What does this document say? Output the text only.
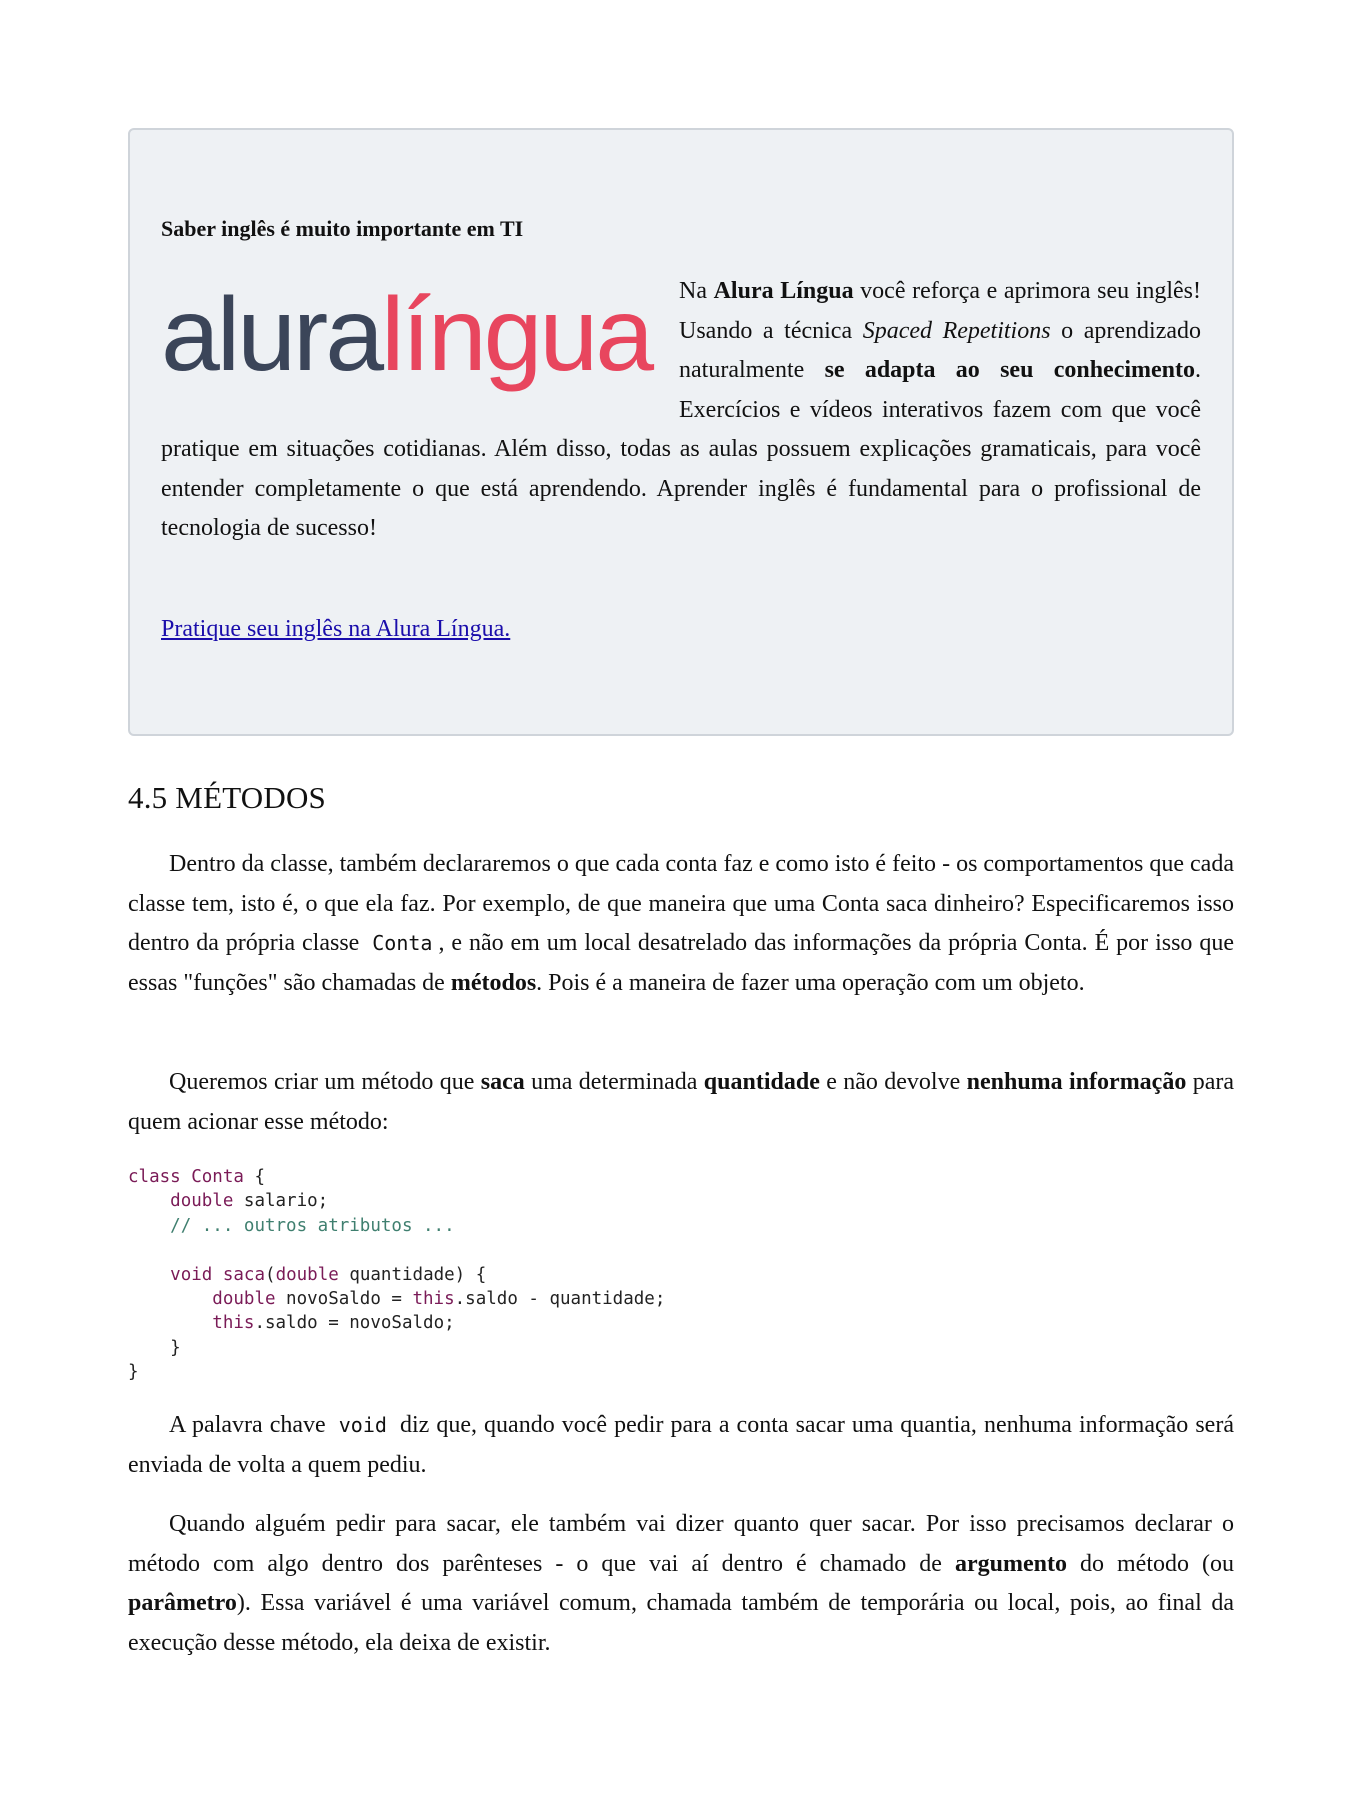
Saber inglês é muito importante em TI
aluralíngua	Na Alura Língua você reforça e aprimora seu inglês! Usando a técnica Spaced Repetitions o aprendizado naturalmente se adapta ao seu conhecimento. Exercícios e vídeos interativos fazem com que você pratique em situações cotidianas. Além disso, todas as aulas possuem explicações gramaticais, para você entender completamente o que está aprendendo. Aprender inglês é fundamental para o profissional de tecnologia de sucesso!
Pratique seu inglês na Alura Língua.
4.5 MÉTODOS

Dentro da classe, também declararemos o que cada conta faz e como isto é feito - os comportamentos que cada classe tem, isto é, o que ela faz. Por exemplo, de que maneira que uma Conta saca dinheiro? Especificaremos isso dentro da própria classe Conta , e não em um local desatrelado das informações da própria Conta. É por isso que essas "funções" são chamadas de métodos. Pois é a maneira de fazer uma operação com um objeto.

Queremos criar um método que saca uma determinada quantidade e não devolve nenhuma informação para quem acionar esse método:

class Conta {
double salario;
// ... outros atributos ...

void saca(double quantidade) {
double novoSaldo = this.saldo - quantidade;
this.saldo = novoSaldo;
}
}

A palavra chave void diz que, quando você pedir para a conta sacar uma quantia, nenhuma informação será enviada de volta a quem pediu.

Quando alguém pedir para sacar, ele também vai dizer quanto quer sacar. Por isso precisamos declarar o método com algo dentro dos parênteses - o que vai aí dentro é chamado de argumento do método (ou parâmetro). Essa variável é uma variável comum, chamada também de temporária ou local, pois, ao final da execução desse método, ela deixa de existir.
